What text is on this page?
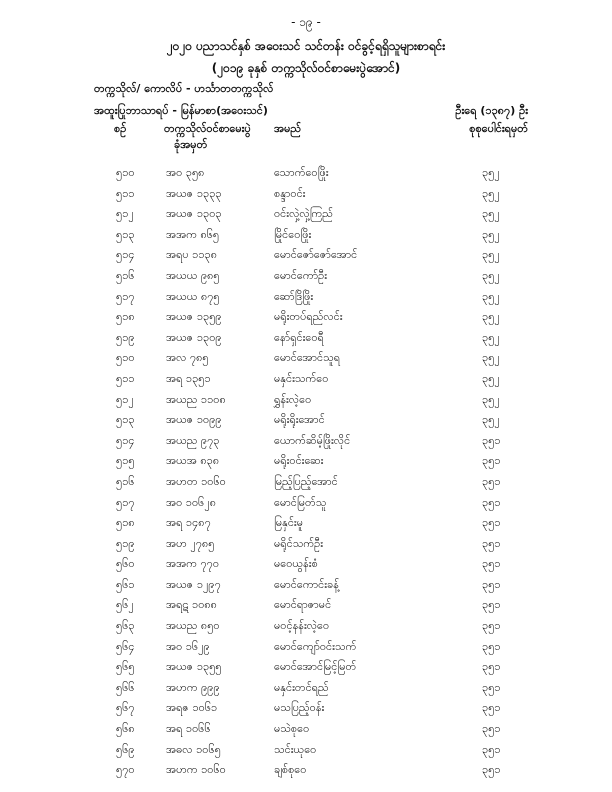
- ၁၉ -
၂၀၂၀ ပညာသင်နှစ် အဝေးသင် သင်တန်း ဝင်ခွင့်ရရှိသူများစာရင်း
(၂၀၁၉ ခုနှစ် တက္ကသိုလ်ဝင်စာမေးပွဲအောင်)
တက္ကသိုလ်/ ကောလိပ် - ဟင်္သာတတက္ကသိုလ်
အထူးပြုဘာသာရပ် - မြန်မာစာ(အဝေးသင်)	ဦးရေ (၁၃၈၇) ဦး
စဉ်	တက္ကသိုလ်ဝင်စာမေးပွဲ
ခုံအမှတ်
အမည်	စုစုပေါင်းရမှတ်
၅၁၀	အဝ ၃၅၈	သောက်ဝေဖြိုး	၃၅၂
၅၁၁	အယဇ ၁၃၃၃	စန္ဒာဝင်း	၃၅၂
၅၁၂	အယဇ ၁၃၀၃	ဝင်းလှဲ့လှဲ့ကြည်	၃၅၂
၅၁၃	အအက ၈၆၅	မြိုင်ဝေဖြိုး	၃၅၂
၅၁၄	အရပ ၁၁၃၈	မောင်ဇော်ဇော်အောင်	၃၅၂
၅၁၆	အယယ ၉၈၅	မောင်ကော်ဦး	၃၅၂
၅၁၇	အယယ ၈၇၅	ဆော်ဒြိဖြိုး	၃၅၂
၅၁၈	အယဇ ၁၃၅၉	မရိုးတပ်ရည်လင်း	၃၅၂
၅၁၉	အယဇ ၁၃၀၉	နော်ရှင်းဝေရီ	၃၅၂
၅၁၀	အလ ၇၈၅	မောင်အောင်သူရ	၃၅၂
၅၁၁	အရ ၁၃၅၁	မနှင်းသက်ဝေ	၃၅၂
၅၁၂	အယည ၁၁၀၈	ရွှန်းလဲ့ဝေ	၃၅၂
၅၁၃	အယဇ ၁၀၉၉	မရိုးရိုးအောင်	၃၅၂
၅၁၄	အယည ၉၇၃	ယောက်ဆိမ့်ဖြိုးလိုင်	၃၅၁
၅၁၅	အယအ ၈၃၈	မရိုးဝင်းဆေး	၃၅၁
၅၁၆	အဟတ ၁၀၆၀	မြည့်ပြည့်အောင်	၃၅၁
၅၁၇	အဝ ၁၀၆၂၈	မောင်မြတ်သူ	၃၅၁
၅၁၈	အရ ၁၄၈၇	မြနှင်းမူ	၃၅၁
၅၁၉	အဟ ၂၇၈၅	မရိုင်သက်ဦး	၃၅၁
၅၆၀	အအက ၇၇၀	မဝေယွန်းစံ	၃၅၁
၅၆၁	အယဇ ၁၂၉၇	မောင်ကောင်းခန့်	၃၅၁
၅၆၂	အရဋ ၁၀၈၈	မောင်ရာဇာမင်	၃၅၁
၅၆၃	အယည ၈၅၀	မဝင့်နန်းလဲ့ဝေ	၃၅၁
၅၆၄	အဝ ၁၆၂၉	မောင်ကျော်ဝင်းသက်	၃၅၁
၅၆၅	အယဇ ၁၃၅၅	မောင်အောင်မြင့်မြတ်	၃၅၁
၅၆၆	အဟက ၉၉၉	မနှင်းတင်ရည်	၃၅၁
၅၆၇	အရဇ ၁၀၆၁	မသပြည့်ဝန်း	၃၅၁
၅၆၈	အရ ၁၀၆၆	မသဲစုဝေ	၃၅၁
၅၆၉	အဓလ ၁၀၆၅	သင်းယုဝေ	၃၅၁
၅၇၀	အဟက ၁၀၆၀	ချစ်စုဝေ	၃၅၁
